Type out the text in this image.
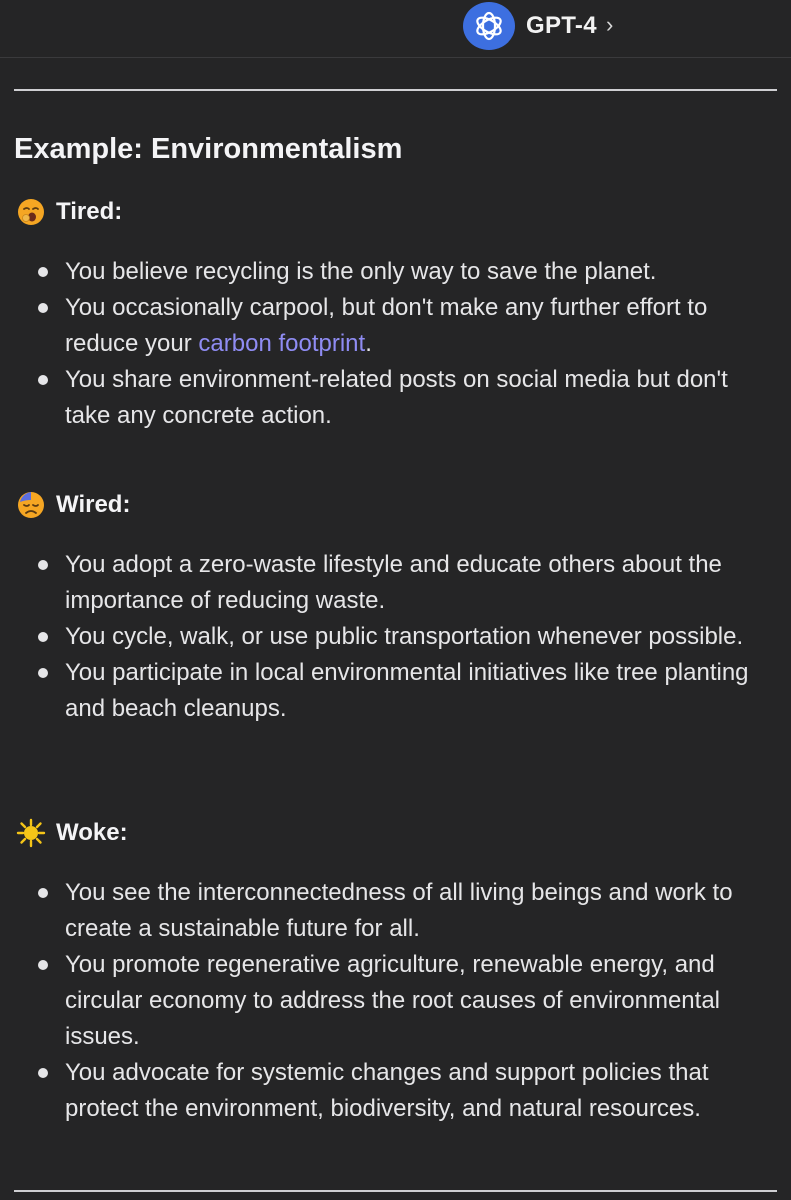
GPT-4 ›
Example: Environmentalism
Tired:
You believe recycling is the only way to save the planet.
You occasionally carpool, but don't make any further effort to reduce your carbon footprint.
You share environment-related posts on social media but don't take any concrete action.
Wired:
You adopt a zero-waste lifestyle and educate others about the importance of reducing waste.
You cycle, walk, or use public transportation whenever possible.
You participate in local environmental initiatives like tree planting and beach cleanups.
Woke:
You see the interconnectedness of all living beings and work to create a sustainable future for all.
You promote regenerative agriculture, renewable energy, and circular economy to address the root causes of environmental issues.
You advocate for systemic changes and support policies that protect the environment, biodiversity, and natural resources.
